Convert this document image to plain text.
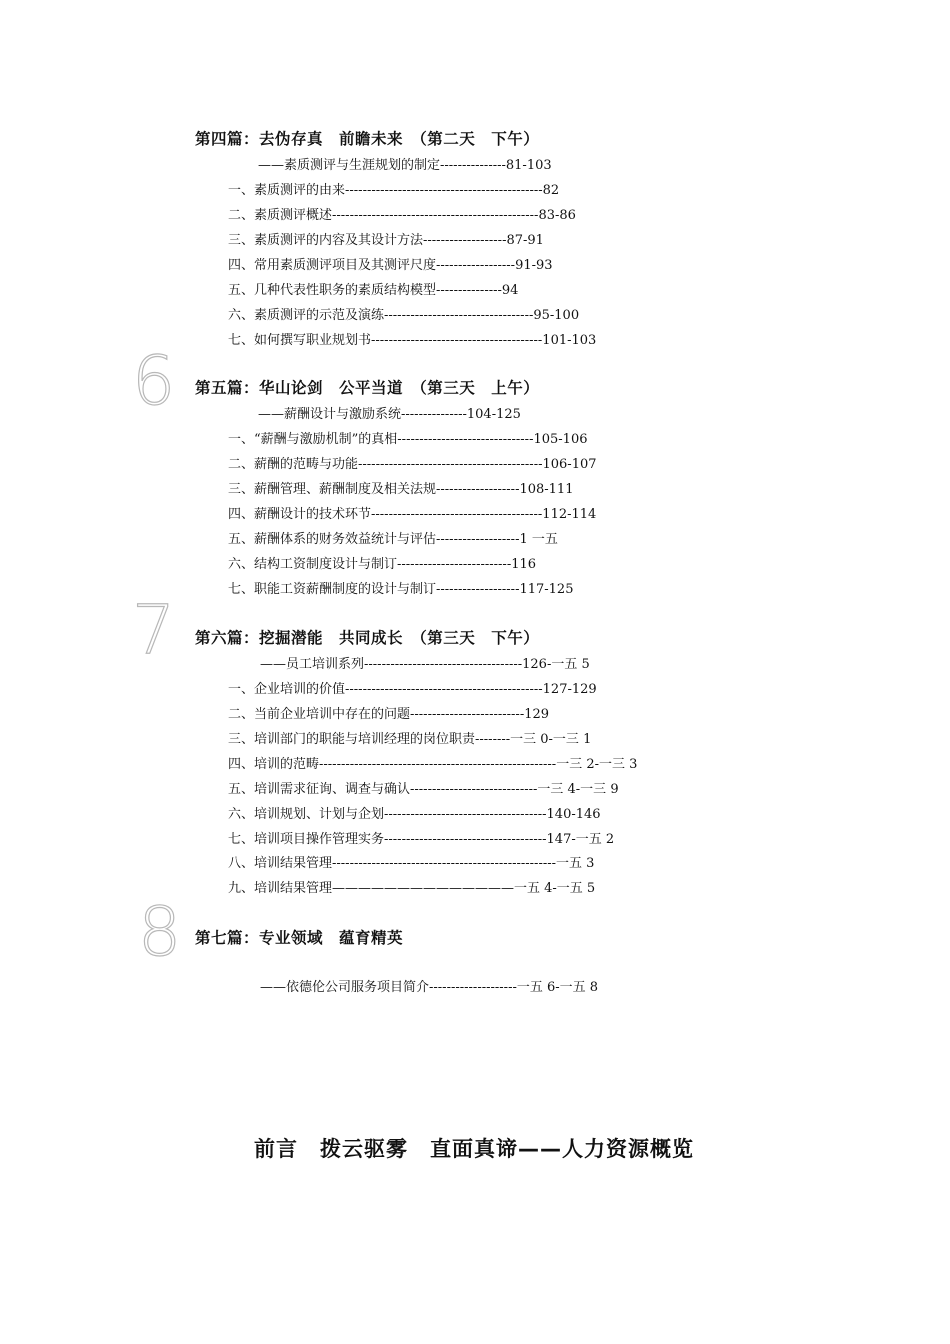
第四篇：去伪存真　前瞻未来　（第二天　下午）
——素质测评与生涯规划的制定---------------81-103
一、素质测评的由来---------------------------------------------82
二、素质测评概述-----------------------------------------------83-86
三、素质测评的内容及其设计方法-------------------87-91
四、常用素质测评项目及其测评尺度------------------91-93
五、几种代表性职务的素质结构模型---------------94
六、素质测评的示范及演练----------------------------------95-100
七、如何撰写职业规划书---------------------------------------101-103
6 第五篇：华山论剑　公平当道　（第三天　上午）
——薪酬设计与激励系统---------------104-125
一、“薪酬与激励机制”的真相-------------------------------105-106
二、薪酬的范畴与功能------------------------------------------106-107
三、薪酬管理、薪酬制度及相关法规-------------------108-111
四、薪酬设计的技术环节---------------------------------------112-114
五、薪酬体系的财务效益统计与评估-------------------1 一五
六、结构工资制度设计与制订--------------------------116
七、职能工资薪酬制度的设计与制订-------------------117-125
7 第六篇：挖掘潜能　共同成长　（第三天　下午）
——员工培训系列------------------------------------126-一五 5
一、企业培训的价值---------------------------------------------127-129
二、当前企业培训中存在的问题--------------------------129
三、培训部门的职能与培训经理的岗位职责--------一三 0-一三 1
四、培训的范畴------------------------------------------------------一三 2-一三 3
五、培训需求征询、调查与确认-----------------------------一三 4-一三 9
六、培训规划、计划与企划-------------------------------------140-146
七、培训项目操作管理实务-------------------------------------147-一五 2
八、培训结果管理---------------------------------------------------一五 3
九、培训结果管理——————————————一五 4-一五 5
8 第七篇：专业领域　蕴育精英
——依德伦公司服务项目简介--------------------一五 6-一五 8
前言　拨云驱雾　直面真谛——人力资源概览
